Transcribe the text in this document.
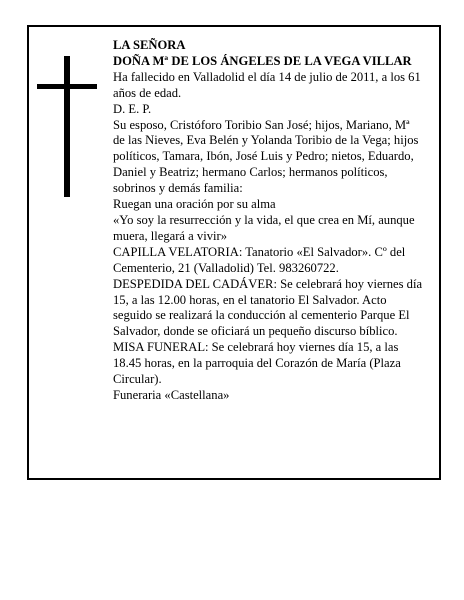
LA SEÑORA

DOÑA Mª DE LOS ÁNGELES DE LA VEGA VILLAR

Ha fallecido en Valladolid el día 14 de julio de 2011, a los 61 años de edad.

D. E. P.

Su esposo, Cristóforo Toribio San José; hijos, Mariano, Mª de las Nieves, Eva Belén y Yolanda Toribio de la Vega; hijos políticos, Tamara, Ibón, José Luis y Pedro; nietos, Eduardo, Daniel y Beatriz; hermano Carlos; hermanos políticos, sobrinos y demás familia:

Ruegan una oración por su alma

«Yo soy la resurrección y la vida, el que crea en Mí, aunque muera, llegará a vivir»

CAPILLA VELATORIA: Tanatorio «El Salvador». Cº del Cementerio, 21 (Valladolid) Tel. 983260722.

DESPEDIDA DEL CADÁVER: Se celebrará hoy viernes día 15, a las 12.00 horas, en el tanatorio El Salvador. Acto seguido se realizará la conducción al cementerio Parque El Salvador, donde se oficiará un pequeño discurso bíblico.

MISA FUNERAL: Se celebrará hoy viernes día 15, a las 18.45 horas, en la parroquia del Corazón de María (Plaza Circular).

Funeraria «Castellana»
